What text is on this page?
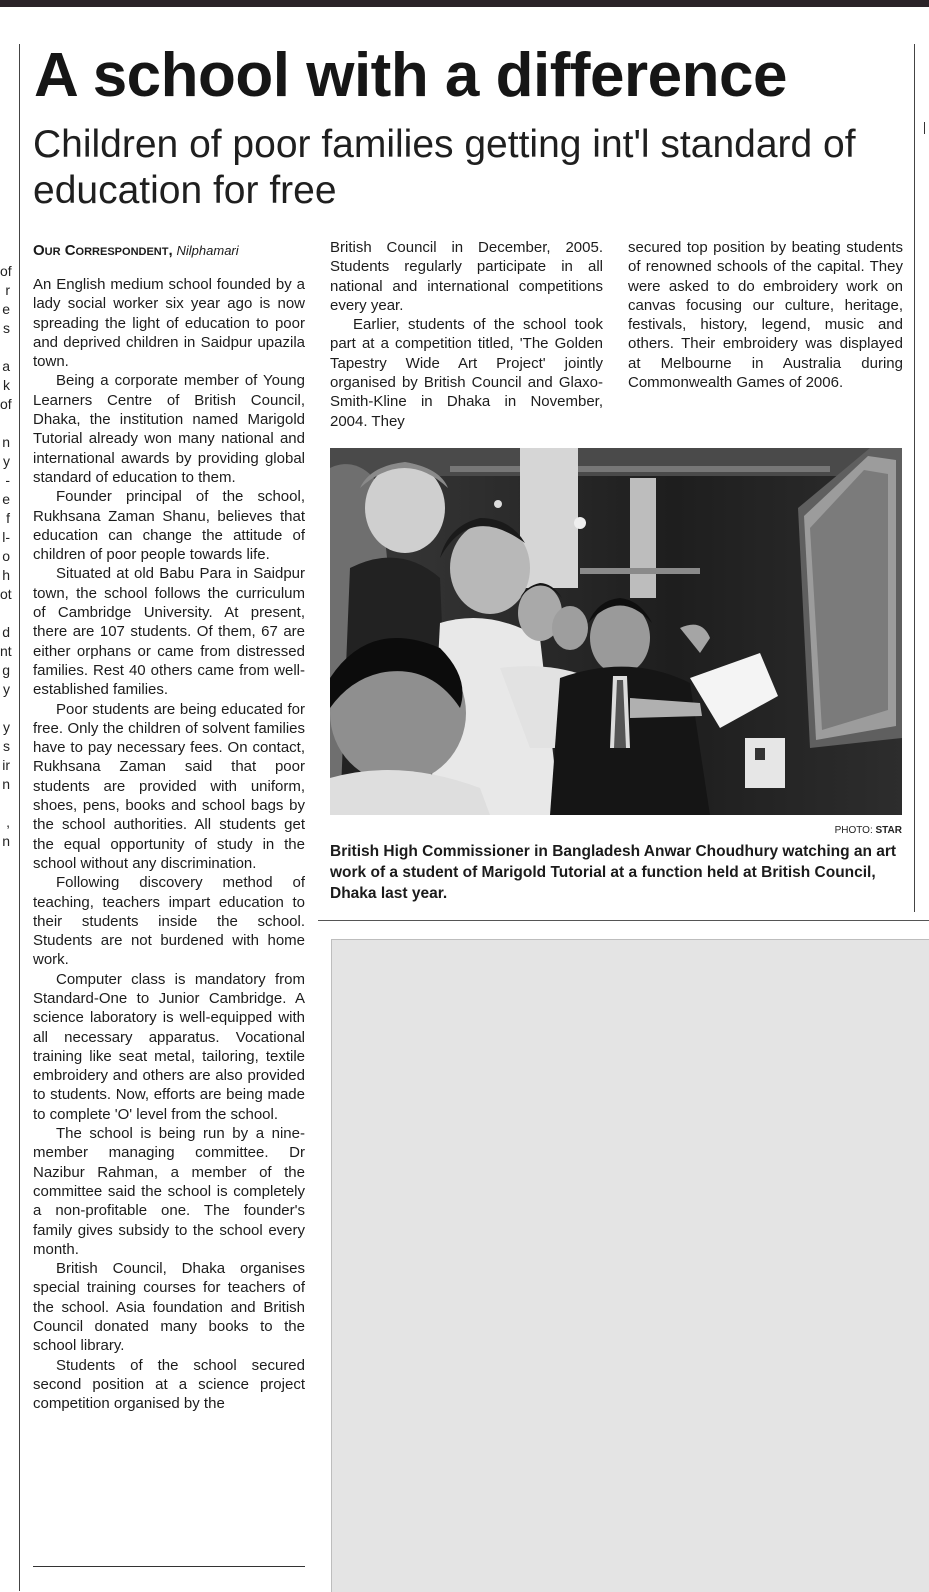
of
r
e
s

a
k
of

n
y
-
e
f
l-
o
h
ot

d
nt
g
y

y
s
ir
n

,
n
A school with a difference
Children of poor families getting int'l standard of education for free
Our Correspondent, Nilphamari

An English medium school founded by a lady social worker six year ago is now spreading the light of education to poor and deprived children in Saidpur upazila town.

Being a corporate member of Young Learners Centre of British Council, Dhaka, the institution named Marigold Tutorial already won many national and international awards by providing global standard of education to them.

Founder principal of the school, Rukhsana Zaman Shanu, believes that education can change the attitude of children of poor people towards life.

Situated at old Babu Para in Saidpur town, the school follows the curriculum of Cambridge University. At present, there are 107 students. Of them, 67 are either orphans or came from distressed families. Rest 40 others came from well-established families.

Poor students are being educated for free. Only the children of solvent families have to pay necessary fees. On contact, Rukhsana Zaman said that poor students are provided with uniform, shoes, pens, books and school bags by the school authorities. All students get the equal opportunity of study in the school without any discrimination.

Following discovery method of teaching, teachers impart education to their students inside the school. Students are not burdened with home work.

Computer class is mandatory from Standard-One to Junior Cambridge. A science laboratory is well-equipped with all necessary apparatus. Vocational training like seat metal, tailoring, textile embroidery and others are also provided to students. Now, efforts are being made to complete 'O' level from the school.

The school is being run by a nine-member managing committee. Dr Nazibur Rahman, a member of the committee said the school is completely a non-profitable one. The founder's family gives subsidy to the school every month.

British Council, Dhaka organises special training courses for teachers of the school. Asia foundation and British Council donated many books to the school library.

Students of the school secured second position at a science project competition organised by the

British Council in December, 2005. Students regularly participate in all national and international competitions every year.

Earlier, students of the school took part at a competition titled, 'The Golden Tapestry Wide Art Project' jointly organised by British Council and Glaxo-Smith-Kline in Dhaka in November, 2004. They

secured top position by beating students of renowned schools of the capital. They were asked to do embroidery work on canvas focusing our culture, heritage, festivals, history, legend, music and others. Their embroidery was displayed at Melbourne in Australia during Commonwealth Games of 2006.

PHOTO: STAR

British High Commissioner in Bangladesh Anwar Choudhury watching an art work of a student of Marigold Tutorial at a function held at British Council, Dhaka last year.
